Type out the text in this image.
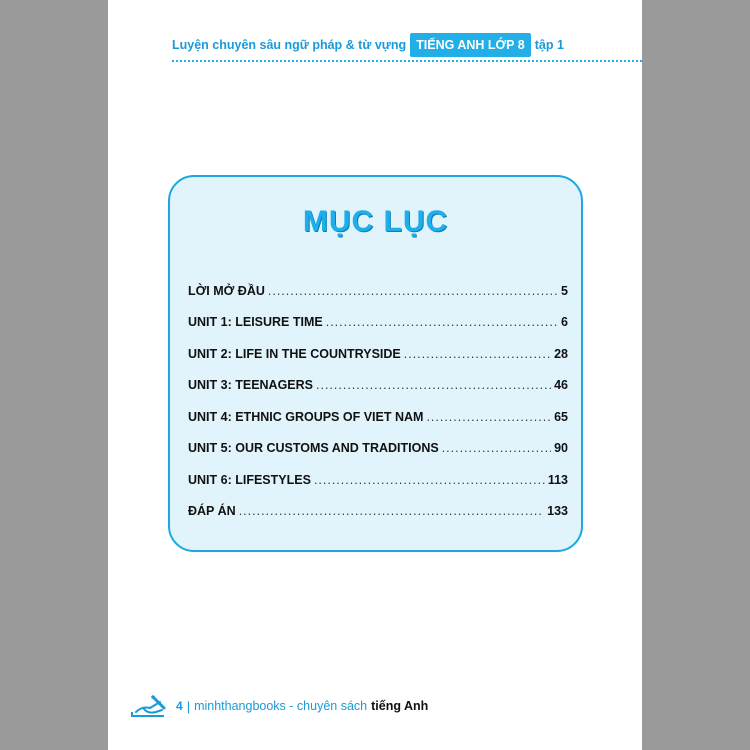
Luyện chuyên sâu ngữ pháp & từ vựng TIẾNG ANH LỚP 8 tập 1
MỤC LỤC
LỜI MỞ ĐẦU .....	5
UNIT 1: LEISURE TIME .....	6
UNIT 2: LIFE IN THE COUNTRYSIDE .....	28
UNIT 3: TEENAGERS .....	46
UNIT 4: ETHNIC GROUPS OF VIET NAM .....	65
UNIT 5: OUR CUSTOMS AND TRADITIONS .....	90
UNIT 6: LIFESTYLES .....	113
ĐÁP ÁN .....	133
4 | minhthangbooks - chuyên sách tiếng Anh
